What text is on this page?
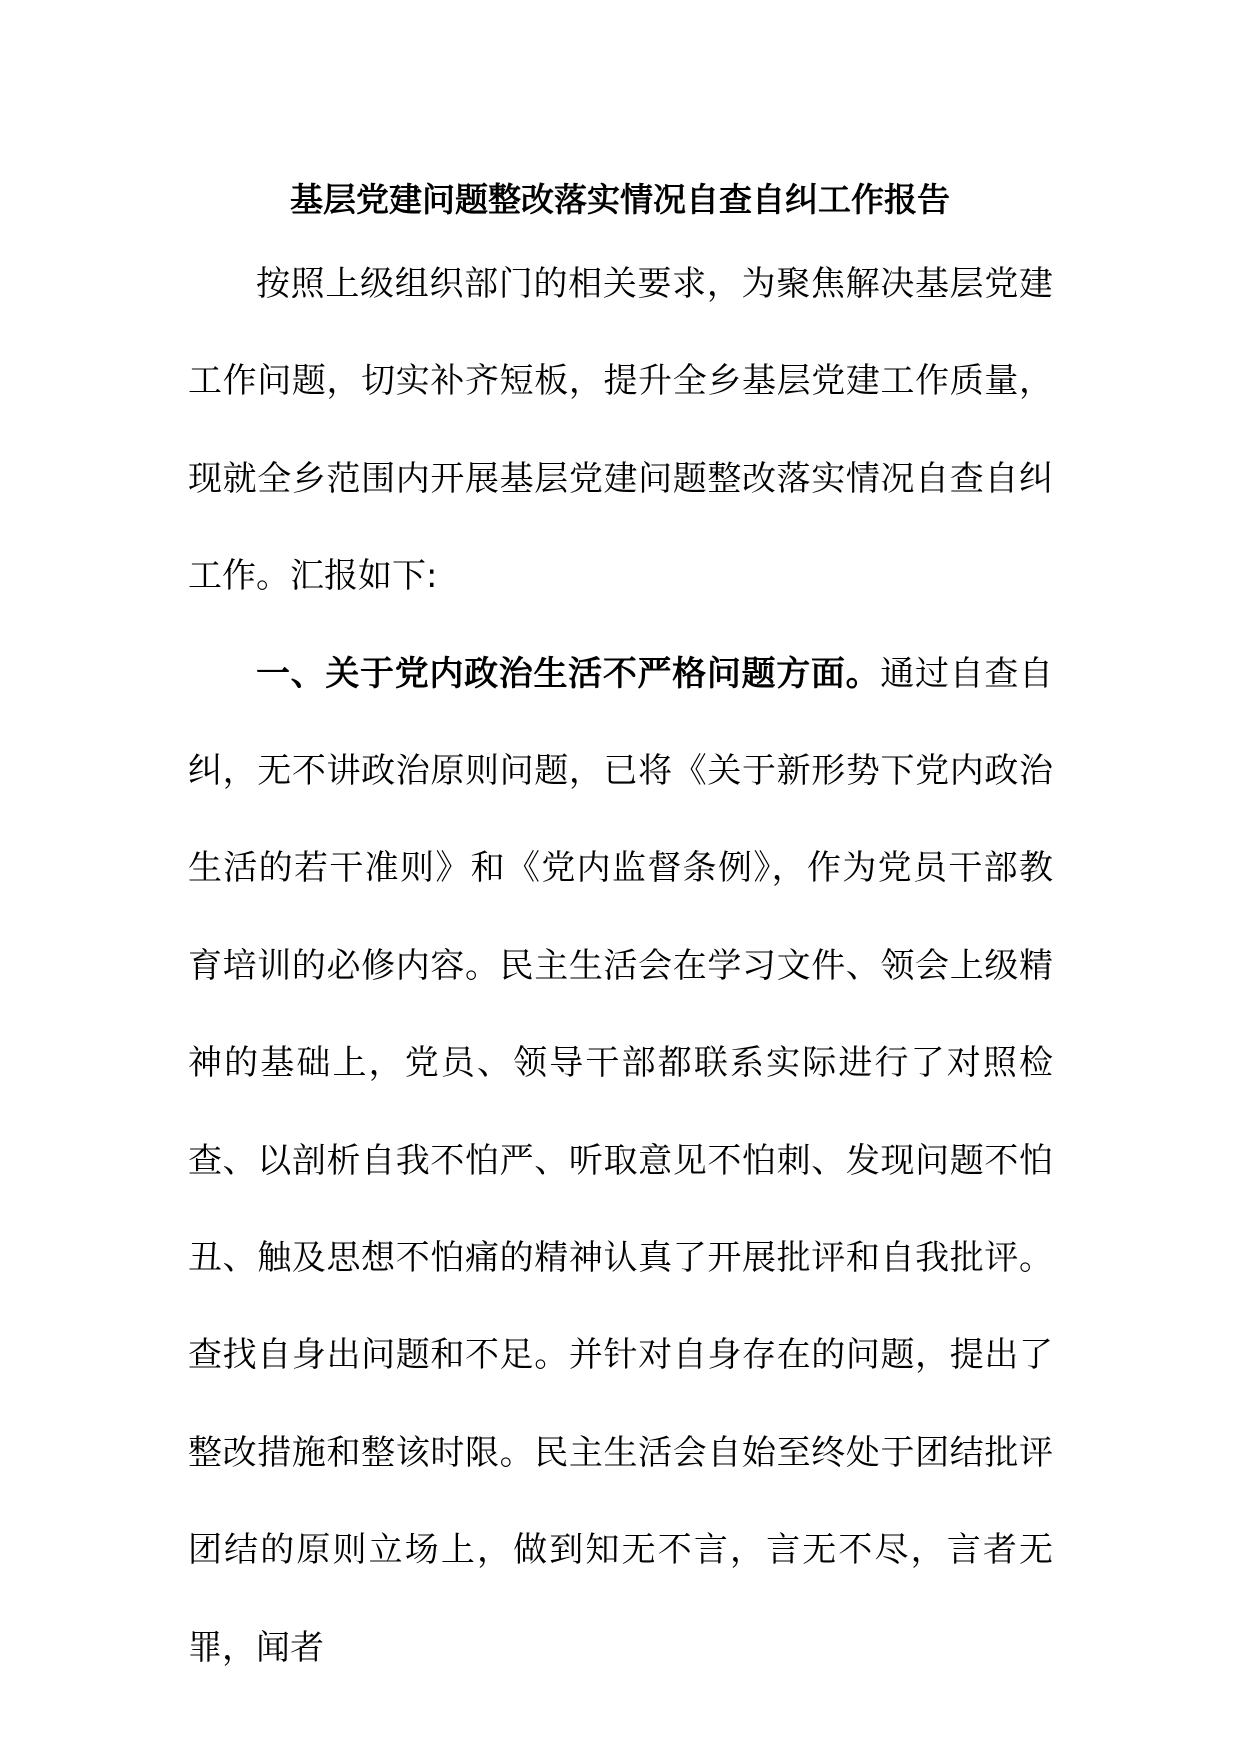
基层党建问题整改落实情况自查自纠工作报告

按照上级组织部门的相关要求，为聚焦解决基层党建工作问题，切实补齐短板，提升全乡基层党建工作质量，现就全乡范围内开展基层党建问题整改落实情况自查自纠工作。汇报如下:

一、关于党内政治生活不严格问题方面。通过自查自纠，无不讲政治原则问题，已将《关于新形势下党内政治生活的若干准则》和《党内监督条例》，作为党员干部教育培训的必修内容。民主生活会在学习文件、领会上级精神的基础上，党员、领导干部都联系实际进行了对照检查、以剖析自我不怕严、听取意见不怕刺、发现问题不怕丑、触及思想不怕痛的精神认真了开展批评和自我批评。查找自身出问题和不足。并针对自身存在的问题，提出了整改措施和整该时限。民主生活会自始至终处于团结批评团结的原则立场上，做到知无不言，言无不尽，言者无罪，闻者
